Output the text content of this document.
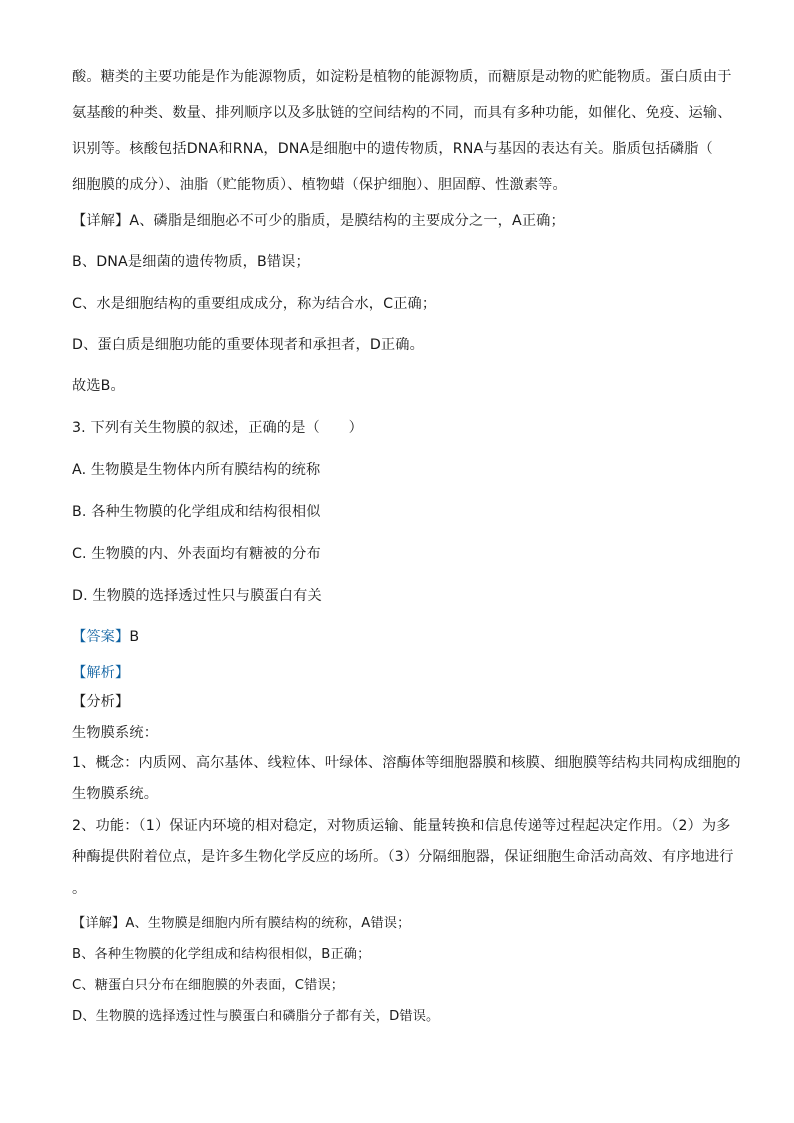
酸。糖类的主要功能是作为能源物质，如淀粉是植物的能源物质，而糖原是动物的贮能物质。蛋白质由于
氨基酸的种类、数量、排列顺序以及多肽链的空间结构的不同，而具有多种功能，如催化、免疫、运输、
识别等。核酸包括DNA和RNA，DNA是细胞中的遗传物质，RNA与基因的表达有关。脂质包括磷脂（
细胞膜的成分）、油脂（贮能物质）、植物蜡（保护细胞）、胆固醇、性激素等。
【详解】A、磷脂是细胞必不可少的脂质，是膜结构的主要成分之一，A正确；
B、DNA是细菌的遗传物质，B错误；
C、水是细胞结构的重要组成成分，称为结合水，C正确；
D、蛋白质是细胞功能的重要体现者和承担者，D正确。
故选B。
3. 下列有关生物膜的叙述，正确的是（　　）
A. 生物膜是生物体内所有膜结构的统称
B. 各种生物膜的化学组成和结构很相似
C. 生物膜的内、外表面均有糖被的分布
D. 生物膜的选择透过性只与膜蛋白有关
【答案】B
【解析】
【分析】
生物膜系统：
1、概念：内质网、高尔基体、线粒体、叶绿体、溶酶体等细胞器膜和核膜、细胞膜等结构共同构成细胞的
生物膜系统。
2、功能：（1）保证内环境的相对稳定，对物质运输、能量转换和信息传递等过程起决定作用。（2）为多
种酶提供附着位点，是许多生物化学反应的场所。（3）分隔细胞器，保证细胞生命活动高效、有序地进行
。
【详解】A、生物膜是细胞内所有膜结构的统称，A错误；
B、各种生物膜的化学组成和结构很相似，B正确；
C、糖蛋白只分布在细胞膜的外表面，C错误；
D、生物膜的选择透过性与膜蛋白和磷脂分子都有关，D错误。
